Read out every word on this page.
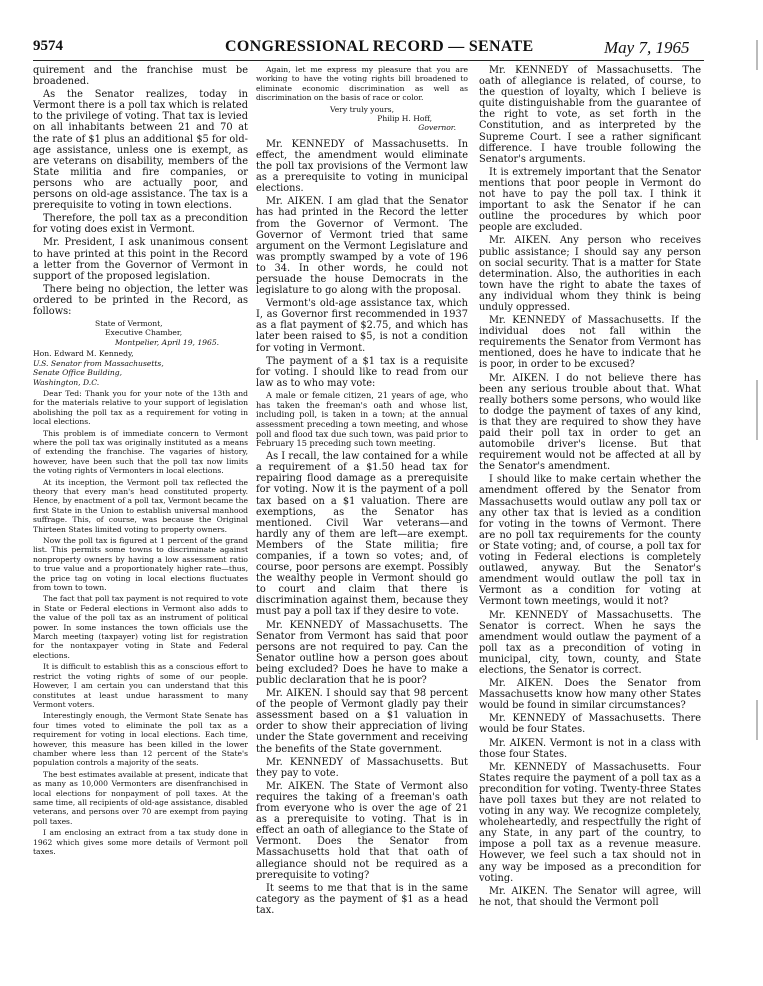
9574	CONGRESSIONAL RECORD — SENATE	May 7, 1965

quirement and the franchise must be broadened.

As the Senator realizes, today in Vermont there is a poll tax which is related to the privilege of voting. That tax is levied on all inhabitants between 21 and 70 at the rate of $1 plus an additional $5 for old-age assistance, unless one is exempt, as are veterans on disability, members of the State militia and fire companies, or persons who are actually poor, and persons on old-age assistance. The tax is a prerequisite to voting in town elections.

Therefore, the poll tax as a precondition for voting does exist in Vermont.

Mr. President, I ask unanimous consent to have printed at this point in the Record a letter from the Governor of Vermont in support of the proposed legislation.

There being no objection, the letter was ordered to be printed in the Record, as follows:

State of Vermont,

Executive Chamber,

Montpelier, April 19, 1965.

Hon. Edward M. Kennedy,

U.S. Senator from Massachusetts,

Senate Office Building,

Washington, D.C.

Dear Ted: Thank you for your note of the 13th and for the materials relative to your support of legislation abolishing the poll tax as a requirement for voting in local elections.

This problem is of immediate concern to Vermont where the poll tax was originally instituted as a means of extending the franchise. The vagaries of history, however, have been such that the poll tax now limits the voting rights of Vermonters in local elections.

At its inception, the Vermont poll tax reflected the theory that every man's head constituted property. Hence, by enactment of a poll tax, Vermont became the first State in the Union to establish universal manhood suffrage. This, of course, was because the Original Thirteen States limited voting to property owners.

Now the poll tax is figured at 1 percent of the grand list. This permits some towns to discriminate against nonproperty owners by having a low assessment ratio to true value and a proportionately higher rate—thus, the price tag on voting in local elections fluctuates from town to town.

The fact that poll tax payment is not required to vote in State or Federal elections in Vermont also adds to the value of the poll tax as an instrument of political power. In some instances the town officials use the March meeting (taxpayer) voting list for registration for the nontaxpayer voting in State and Federal elections.

It is difficult to establish this as a conscious effort to restrict the voting rights of some of our people. However, I am certain you can understand that this constitutes at least undue harassment to many Vermont voters.

Interestingly enough, the Vermont State Senate has four times voted to eliminate the poll tax as a requirement for voting in local elections. Each time, however, this measure has been killed in the lower chamber where less than 12 percent of the State's population controls a majority of the seats.

The best estimates available at present, indicate that as many as 10,000 Vermonters are disenfranchised in local elections for nonpayment of poll taxes. At the same time, all recipients of old-age assistance, disabled veterans, and persons over 70 are exempt from paying poll taxes.

I am enclosing an extract from a tax study done in 1962 which gives some more details of Vermont poll taxes.

Again, let me express my pleasure that you are working to have the voting rights bill broadened to eliminate economic discrimination as well as discrimination on the basis of race or color.

Very truly yours,

Philip H. Hoff,

Governor.

Mr. KENNEDY of Massachusetts. In effect, the amendment would eliminate the poll tax provisions of the Vermont law as a prerequisite to voting in municipal elections.

Mr. AIKEN. I am glad that the Senator has had printed in the Record the letter from the Governor of Vermont. The Governor of Vermont tried that same argument on the Vermont Legislature and was promptly swamped by a vote of 196 to 34. In other words, he could not persuade the house Democrats in the legislature to go along with the proposal.

Vermont's old-age assistance tax, which I, as Governor first recommended in 1937 as a flat payment of $2.75, and which has later been raised to $5, is not a condition for voting in Vermont.

The payment of a $1 tax is a requisite for voting. I should like to read from our law as to who may vote:

A male or female citizen, 21 years of age, who has taken the freeman's oath and whose list, including poll, is taken in a town; at the annual assessment preceding a town meeting, and whose poll and flood tax due such town, was paid prior to February 15 preceding such town meeting.

As I recall, the law contained for a while a requirement of a $1.50 head tax for repairing flood damage as a prerequisite for voting. Now it is the payment of a poll tax based on a $1 valuation. There are exemptions, as the Senator has mentioned. Civil War veterans—and hardly any of them are left—are exempt. Members of the State militia; fire companies, if a town so votes; and, of course, poor persons are exempt. Possibly the wealthy people in Vermont should go to court and claim that there is discrimination against them, because they must pay a poll tax if they desire to vote.

Mr. KENNEDY of Massachusetts. The Senator from Vermont has said that poor persons are not required to pay. Can the Senator outline how a person goes about being excluded? Does he have to make a public declaration that he is poor?

Mr. AIKEN. I should say that 98 percent of the people of Vermont gladly pay their assessment based on a $1 valuation in order to show their appreciation of living under the State government and receiving the benefits of the State government.

Mr. KENNEDY of Massachusetts. But they pay to vote.

Mr. AIKEN. The State of Vermont also requires the taking of a freeman's oath from everyone who is over the age of 21 as a prerequisite to voting. That is in effect an oath of allegiance to the State of Vermont. Does the Senator from Massachusetts hold that that oath of allegiance should not be required as a prerequisite to voting?

It seems to me that that is in the same category as the payment of $1 as a head tax.

Mr. KENNEDY of Massachusetts. The oath of allegiance is related, of course, to the question of loyalty, which I believe is quite distinguishable from the guarantee of the right to vote, as set forth in the Constitution, and as interpreted by the Supreme Court. I see a rather significant difference. I have trouble following the Senator's arguments.

It is extremely important that the Senator mentions that poor people in Vermont do not have to pay the poll tax. I think it important to ask the Senator if he can outline the procedures by which poor people are excluded.

Mr. AIKEN. Any person who receives public assistance; I should say any person on social security. That is a matter for State determination. Also, the authorities in each town have the right to abate the taxes of any individual whom they think is being unduly oppressed.

Mr. KENNEDY of Massachusetts. If the individual does not fall within the requirements the Senator from Vermont has mentioned, does he have to indicate that he is poor, in order to be excused?

Mr. AIKEN. I do not believe there has been any serious trouble about that. What really bothers some persons, who would like to dodge the payment of taxes of any kind, is that they are required to show they have paid their poll tax in order to get an automobile driver's license. But that requirement would not be affected at all by the Senator's amendment.

I should like to make certain whether the amendment offered by the Senator from Massachusetts would outlaw any poll tax or any other tax that is levied as a condition for voting in the towns of Vermont. There are no poll tax requirements for the county or State voting; and, of course, a poll tax for voting in Federal elections is completely outlawed, anyway. But the Senator's amendment would outlaw the poll tax in Vermont as a condition for voting at Vermont town meetings, would it not?

Mr. KENNEDY of Massachusetts. The Senator is correct. When he says the amendment would outlaw the payment of a poll tax as a precondition of voting in municipal, city, town, county, and State elections, the Senator is correct.

Mr. AIKEN. Does the Senator from Massachusetts know how many other States would be found in similar circumstances?

Mr. KENNEDY of Massachusetts. There would be four States.

Mr. AIKEN. Vermont is not in a class with those four States.

Mr. KENNEDY of Massachusetts. Four States require the payment of a poll tax as a precondition for voting. Twenty-three States have poll taxes but they are not related to voting in any way. We recognize completely, wholeheartedly, and respectfully the right of any State, in any part of the country, to impose a poll tax as a revenue measure. However, we feel such a tax should not in any way be imposed as a precondition for voting.

Mr. AIKEN. The Senator will agree, will he not, that should the Vermont poll
